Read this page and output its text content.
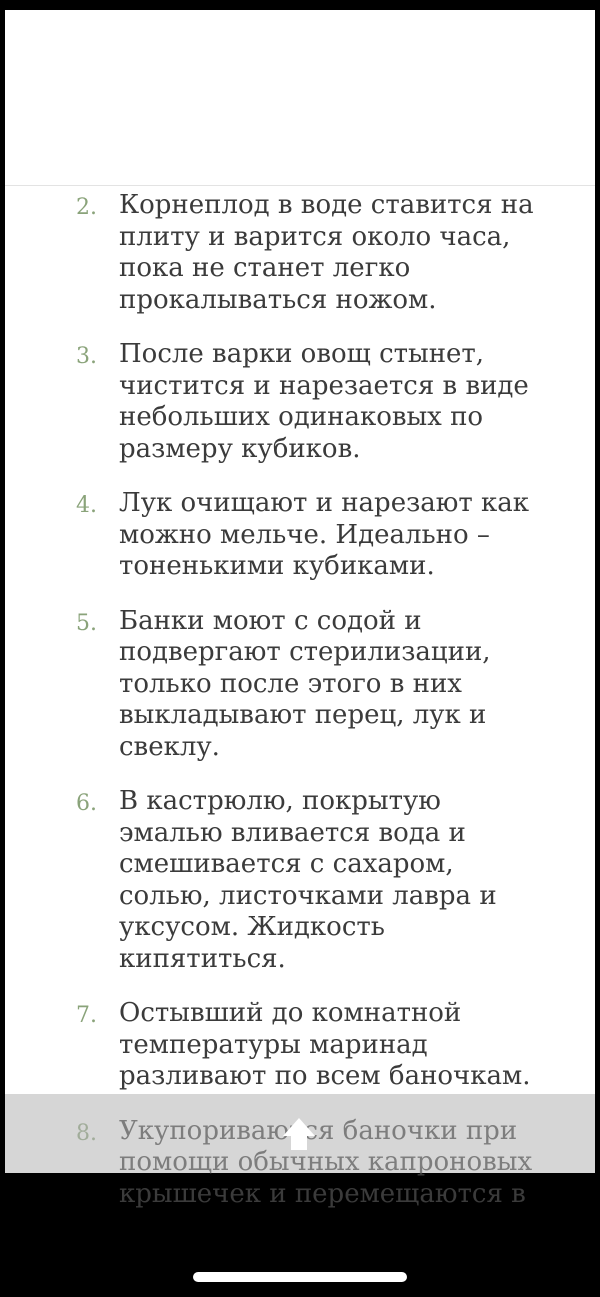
2. Корнеплод в воде ставится на
плиту и варится около часа,
пока не станет легко
прокалываться ножом.
3. После варки овощ стынет,
чистится и нарезается в виде
небольших одинаковых по
размеру кубиков.
4. Лук очищают и нарезают как
можно мельче. Идеально –
тоненькими кубиками.
5. Банки моют с содой и
подвергают стерилизации,
только после этого в них
выкладывают перец, лук и
свеклу.
6. В кастрюлю, покрытую
эмалью вливается вода и
смешивается с сахаром,
солью, листочками лавра и
уксусом. Жидкость
кипятиться.
7. Остывший до комнатной
температуры маринад
разливают по всем баночкам.

крышечек и перемещаются в
